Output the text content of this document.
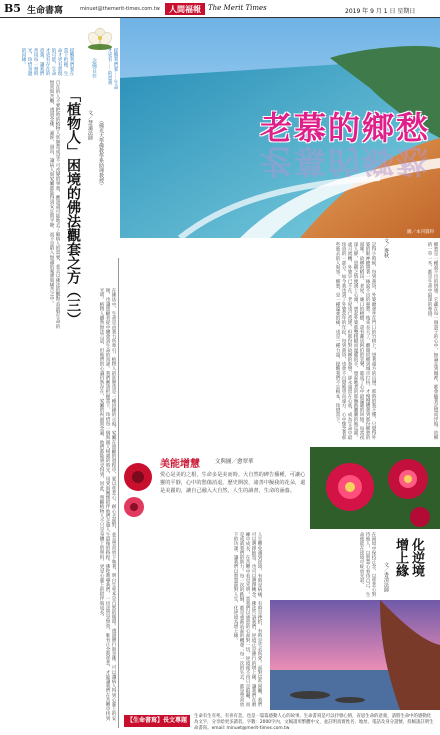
B5 生命書寫	minuet@themerit-times.com.tw	人間福報	The Merit Times	2019 年 9 月 1 日 星期日
念佛自在	提醒我們要……生命才更有……的意義
提醒我們要在當下把握，生命才更有實現的可能，生命才更有存在的意義，讓我們善用每一刻時光，珍惜身邊的因緣。
「植物人」困境的佛法觀套之方（三）	文／慧遠法師	（佛光大學佛教學系助理教授）
自在的人不要把他的植物人狀態當成是不可改變的事實，應該盡可能地去了解病人的需要，並且以佛法的觀點去面對生命的無常與苦難，透過念佛、誦經、迴向，讓病人與家屬都能得到安定與平靜，而不是陷入無盡的憂慮與痛苦之中。
在佛法中，生命是由業力所牽引，植物人的狀態也是一種因緣的示現。家屬在照顧的過程中，要以慈悲心、耐心去面對，並且學習放下執著，明白生死本是自然的循環。透過修行與念佛，可以讓病人得到心靈上的安頓，也讓照顧者從中體會到生命的真諦。我們應該把握當下，珍惜每一個與親人相處的時光，用愛與關懷陪伴他們走過人生最後的路程。佛陀教導我們，一切法皆是無常，唯有正念與慈悲，才能讓我們在苦難中找到光明。植物人雖然無法言語，但他們的心識仍然存在，家屬的祝福與念誦，他們都能感受得到。因此，照顧植物人不只是身體上的照料，更是心靈上的陪伴與成長。
老慕的鄉愁
老慕的鄉愁
圖／本刊資料
記得小時候，每到黃昏，外婆總會坐在門口的竹椅上，望著遠方的山巒。那時的我不懂，只覺得外婆的眼神總帶著一絲說不出的憂愁。後來長大了，離開故鄉到城市打拚，才慢慢體會到那份鄉愁的滋味。故鄉的稻田、老屋、廟口的榕樹，還有鄰居阿伯的笑聲，都成了心中最溫暖的回憶。每當夜深人靜，思鄉之情便湧上心頭，想起外婆那雙粗糙而溫暖的手，想起她煮的那碗熱騰騰的地瓜粥。歲月流轉，外婆早已不在，老屋也已改建，但那份對故鄉的眷戀，卻永遠留在心底，成為生命中最珍貴的一部分。如今我也到了外婆當年的年紀，每到黃昏，也會不自覺地望向遠方，心中懷念著那些逝去的人與事。鄉愁，是一種溫柔的痛，也是一種力量，提醒我們不忘根本，珍惜當下。	文／麥秋	鄉愁是一種說不出的情感，它藏在每一個遊子的心中，無論走到哪裡，都會隨著記憶而浮現。故鄉的一草一木，都是生命中最深的牽掛。
美能增慧	文與圖／愈翠華
愛心是美的之根，生命多是美而時。大自然的碑告播種，可讓心靈的平靜，心中的愁傷消退，歷史開放，諸善中擬我的花朵，還是美麗的，讓自己融入大自然，人生的讀書，生命的涵養。
人生難免遇到逆境，有時是病痛，有時是挫折，有時是失去所愛。面對這些困難，我們可以選擇抱怨，也可以選擇轉念。佛法告訴我們，逆境正是修行的增上緣，讓我們在磨練中成長，在苦難中看見光明。當我們以感恩的心面對一切，逆境便不再只是阻礙，而是成就我們的助力。每一次的跌倒，都是重新站起的機會；每一次的失去，都是學習放下的功課。讓我們以智慧面對人生，化逆境為增上緣。	在困境中保持正念，以慈悲心對待他人，以智慧心看待自己，生命便能在逆境中綻放光彩。	化逆境
增上緣
文／書清法師
【生命書寫】長文專題
生命有生有死，有喜有悲，也是一篇篇感動人心的故事。生命書寫是可以抒發心情，省思生命的意義，請將生命中的感動化為文字，分享給更多讀者。字數：2000字內，文稿請用繁體中文，並註明真實姓名、地址、電話及身分證號，投稿請註明生命書寫。email: minuet@merit-times.com.tw
